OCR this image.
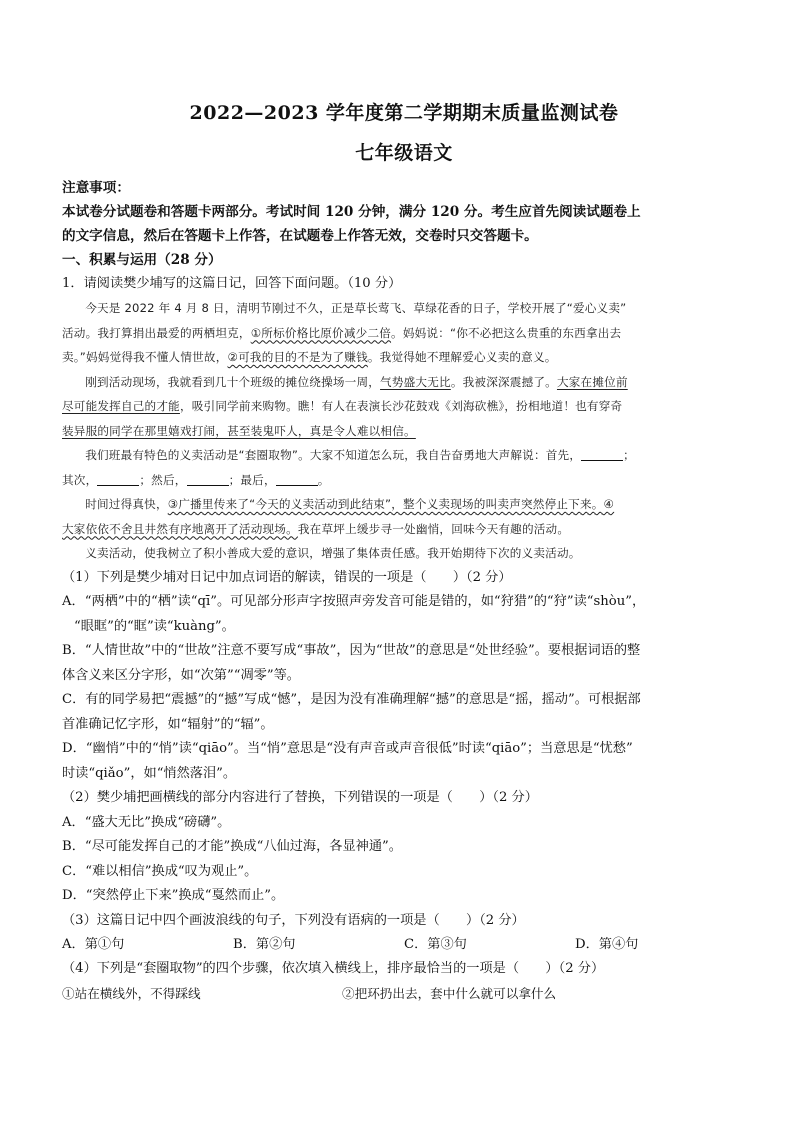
2022—2023 学年度第二学期期末质量监测试卷
七年级语文
注意事项：
本试卷分试题卷和答题卡两部分。考试时间 120 分钟，满分 120 分。考生应首先阅读试题卷上
的文字信息，然后在答题卡上作答，在试题卷上作答无效，交卷时只交答题卡。
一、积累与运用（28 分）
1．请阅读樊少埔写的这篇日记，回答下面问题。（10 分）
今天是 2022 年 4 月 8 日，清明节刚过不久，正是草长莺飞、草绿花香的日子，学校开展了“爱心义卖”
活动。我打算捐出最爱的两栖坦克，①所标价格比原价减少二倍。妈妈说：“你不必把这么贵重的东西拿出去
卖。”妈妈觉得我不懂人情世故，②可我的目的不是为了赚钱。我觉得她不理解爱心义卖的意义。
刚到活动现场，我就看到几十个班级的摊位绕操场一周，气势盛大无比。我被深深震撼了。大家在摊位前
尽可能发挥自己的才能，吸引同学前来购物。瞧！有人在表演长沙花鼓戏《刘海砍樵》，扮相地道！也有穿奇
装异服的同学在那里嬉戏打闹，甚至装鬼吓人，真是令人难以相信。
我们班最有特色的义卖活动是“套圈取物”。大家不知道怎么玩，我自告奋勇地大声解说：首先，	；
其次，	；然后，	；最后，	。
时间过得真快，③广播里传来了“今天的义卖活动到此结束”，整个义卖现场的叫卖声突然停止下来。④
大家依依不舍且井然有序地离开了活动现场。我在草坪上缓步寻一处幽悄，回味今天有趣的活动。
义卖活动，使我树立了积小善成大爱的意识，增强了集体责任感。我开始期待下次的义卖活动。
（1）下列是樊少埔对日记中加点词语的解读，错误的一项是（　　）（2 分）
A．“两栖”中的“栖”读“qī”。可见部分形声字按照声旁发音可能是错的，如“狩猎”的“狩”读“shòu”，
“眼眶”的“眶”读“kuàng”。
B．“人情世故”中的“世故”注意不要写成“事故”，因为“世故”的意思是“处世经验”。要根据词语的整
体含义来区分字形，如“次第”“凋零”等。
C．有的同学易把“震撼”的“撼”写成“憾”，是因为没有准确理解“撼”的意思是“摇，摇动”。可根据部
首准确记忆字形，如“辐射”的“辐”。
D．“幽悄”中的“悄”读“qiāo”。当“悄”意思是“没有声音或声音很低”时读“qiāo”；当意思是“忧愁”
时读“qiǎo”，如“悄然落泪”。
（2）樊少埔把画横线的部分内容进行了替换，下列错误的一项是（　　）（2 分）
A．“盛大无比”换成“磅礴”。
B．“尽可能发挥自己的才能”换成“八仙过海，各显神通”。
C．“难以相信”换成“叹为观止”。
D．“突然停止下来”换成“戛然而止”。
（3）这篇日记中四个画波浪线的句子，下列没有语病的一项是（　　）（2 分）
A．第①句	B．第②句	C．第③句	D．第④句
（4）下列是“套圈取物”的四个步骤，依次填入横线上，排序最恰当的一项是（　　）（2 分）
①站在横线外，不得踩线	②把环扔出去，套中什么就可以拿什么
